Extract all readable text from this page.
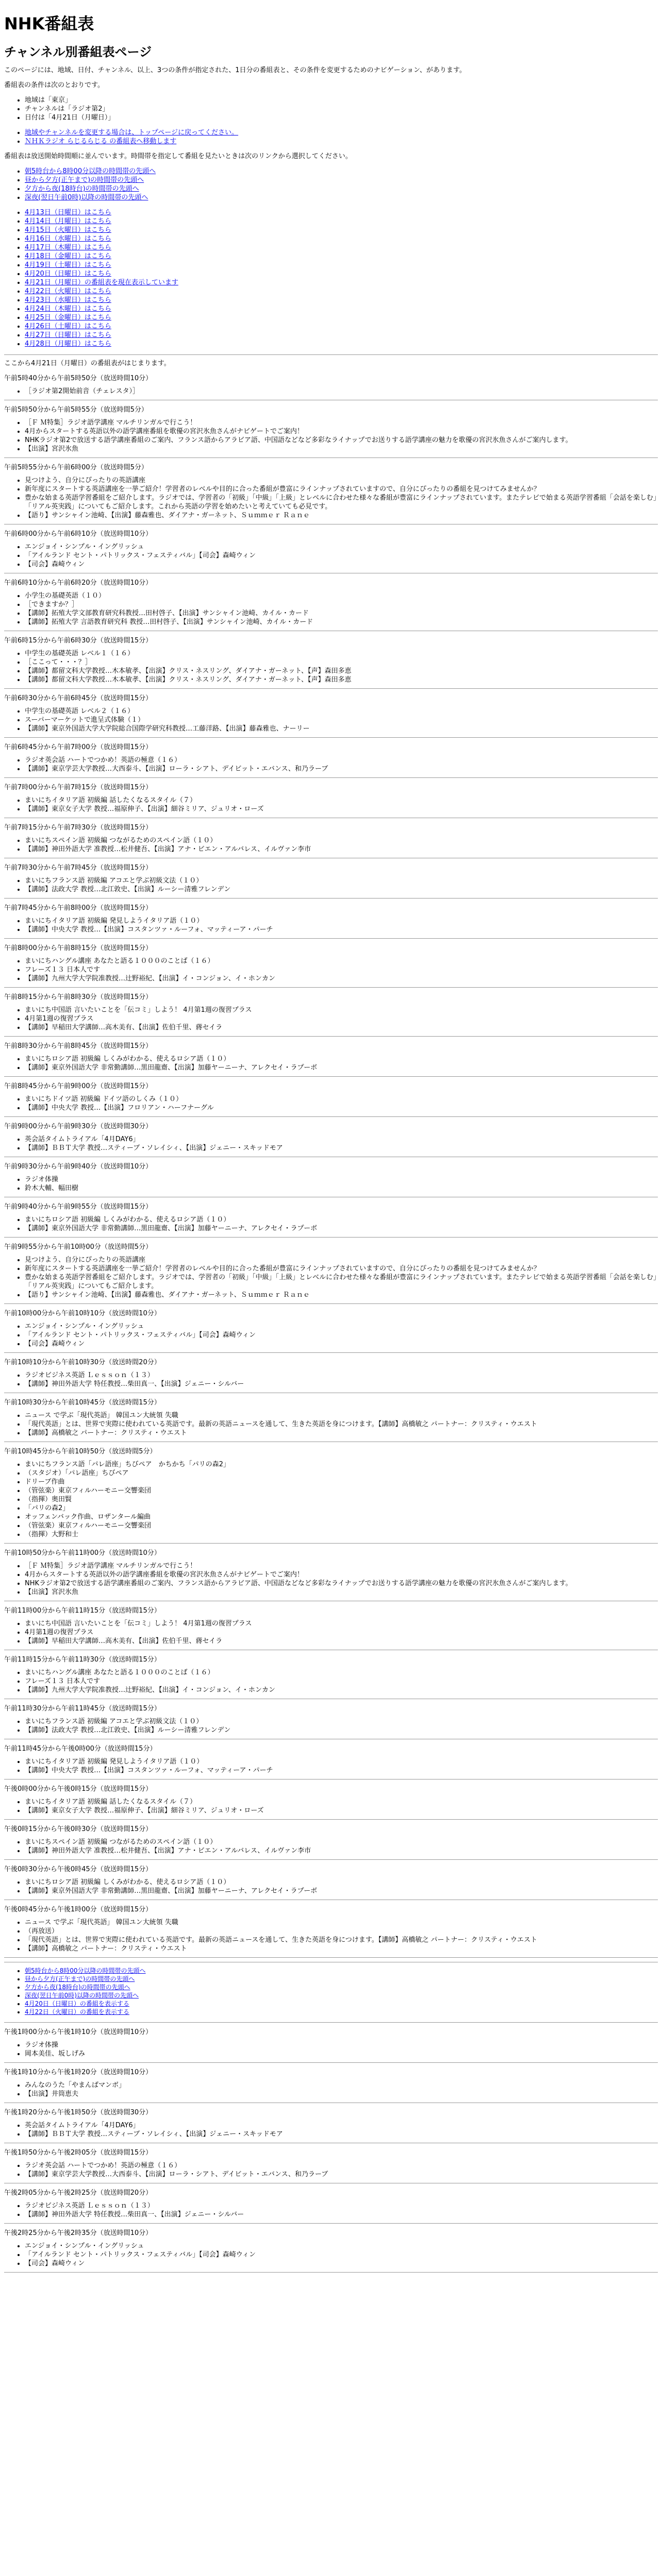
NHK番組表
チャンネル別番組表ページ

このページには、地域、日付、チャンネル、以上、3つの条件が指定された、1日分の番組表と、その条件を変更するためのナビゲーション、があります。

番組表の条件は次のとおりです。

• 地域は「東京」
• チャンネルは「ラジオ第2」
• 日付は「4月21日（月曜日）」
• 地域やチャンネルを変更する場合は、トップページに戻ってください。
• ＮＨＫラジオ らじるらじる の番組表へ移動します

番組表は放送開始時間順に並んでいます。時間帯を指定して番組を見たいときは次のリンクから選択してください。

• 朝5時台から8時00分以降の時間帯の先頭へ
• 昼から夕方(正午まで)の時間帯の先頭へ
• 夕方から夜(18時台)の時間帯の先頭へ
• 深夜(翌日午前0時)以降の時間帯の先頭へ
• 4月13日（日曜日）はこちら
• 4月14日（月曜日）はこちら
• 4月15日（火曜日）はこちら
• 4月16日（水曜日）はこちら
• 4月17日（木曜日）はこちら
• 4月18日（金曜日）はこちら
• 4月19日（土曜日）はこちら
• 4月20日（日曜日）はこちら
• 4月21日（月曜日）の番組表を現在表示しています
• 4月22日（火曜日）はこちら
• 4月23日（水曜日）はこちら
• 4月24日（木曜日）はこちら
• 4月25日（金曜日）はこちら
• 4月26日（土曜日）はこちら
• 4月27日（日曜日）はこちら
• 4月28日（月曜日）はこちら

ここから4月21日（月曜日）の番組表がはじまります。

午前5時40分から午前5時50分（放送時間10分）
• ［ラジオ第2開始前音（チェレスタ）］
午前5時50分から午前5時55分（放送時間5分）
• ［Ｆ Ｍ特集］ラジオ語学講座 マルチリンガルで行こう！
• 4月からスタートする英語以外の語学講座番組を歌優の宮沢氷魚さんがナビゲートでご案内！
• NHKラジオ第2で放送する語学講座番組のご案内、フランス語からアラビア語、中国語などなど多彩なライナップでお送りする語学講座の魅力を歌優の宮沢氷魚さんがご案内します。
• 【出演】宮沢氷魚
午前5時55分から午前6時00分（放送時間5分）
• 見つけよう、自分にぴったりの英語講座
• 新年度にスタートする英語講座を一挙ご紹介！学習者のレベルや目的に合った番組が豊富にラインナップされていますので、自分にぴったりの番組を見つけてみませんか？
• 豊かな始まる英語学習番組をご紹介します。ラジオでは、学習者の「初級」「中級」「上級」とレベルに合わせた様々な番組が豊富にラインナップされています。またテレビで始まる英語学習番組「会話を楽しむ」「リアル英実践」についてもご紹介します。これから英語の学習を始めたいと考えていても必見です。
• 【語り】サンシャイン池崎、【出演】藤森雅也、ダイアナ・ガーネット、Ｓｕｍｍｅｒ Ｒａｎｅ
午前6時00分から午前6時10分（放送時間10分）
• エンジョイ・シンプル・イングリッシュ
• 「アイルランド セント・パトリックス・フェスティバル」【司会】森崎ウィン
• 【司会】森崎ウィン
午前6時10分から午前6時20分（放送時間10分）
• 小学生の基礎英語（１０）
• ［できますか？］
• 【講師】拓殖大学文部教育研究科教授…田村啓子、【出演】サンシャイン池崎、カイル・カード
• 【講師】拓殖大学 言語教育研究科 教授…田村啓子、【出演】サンシャイン池崎、カイル・カード
午前6時15分から午前6時30分（放送時間15分）
• 中学生の基礎英語 レベル１（１６）
• ［ここって・・・？］
• 【講師】都留文科大学教授…木本敏孝、【出演】クリス・ネスリング、ダイアナ・ガーネット、【声】森田多恵
• 【講師】都留文科大学教授…木本敏孝、【出演】クリス・ネスリング、ダイアナ・ガーネット、【声】森田多恵
午前6時30分から午前6時45分（放送時間15分）
• 中学生の基礎英語 レベル２（１６）
• スーパーマーケットで進呈式体験（１）
• 【講師】東京外国語大学大学院総合国際学研究科教授…工藤洋路、【出演】藤森雅也、ナーリー
午前6時45分から午前7時00分（放送時間15分）
• ラジオ英会話 ハートでつかめ！英語の極意（１６）
• 【講師】東京学芸大学教授…大西泰斗、【出演】ローラ・シアト、デイビット・エバンス、和乃ラーブ
午前7時00分から午前7時15分（放送時間15分）
• まいにちイタリア語 初級編 話したくなるスタイル（７）
• 【講師】東京女子大学 教授…福原伸子、【出演】細谷ミリア、ジュリオ・ローズ
午前7時15分から午前7時30分（放送時間15分）
• まいにちスペイン語 初級編 つながるためのスペイン語（１０）
• 【講師】神田外語大学 准教授…松井健吾、【出演】アナ・ビエン・アルバレス、イルヴァン李市
午前7時30分から午前7時45分（放送時間15分）
• まいにちフランス語 初級編 アコエと学ぶ初級文法（１０）
• 【講師】法政大学 教授…北江敦史、【出演】ルーシー清雅フレンデン
午前7時45分から午前8時00分（放送時間15分）
• まいにちイタリア語 初級編 発見しようイタリア語（１０）
• 【講師】中央大学 教授…【出演】コスタンツァ・ルーフォ、マッティーア・パーチ
午前8時00分から午前8時15分（放送時間15分）
• まいにちハングル講座 あなたと語る１０００のことば（１６）
• フレーズ１３ 日本人です
• 【講師】九州大学大学院准教授…辻野裕紀、【出演】イ・コンジョン、イ・ホンカン
午前8時15分から午前8時30分（放送時間15分）
• まいにち中国語 言いたいことを「伝コミ」しよう！ 4月第1週の復習プラス
• 4月第1週の復習プラス
• 【講師】早稲田大学講師…高木美有、【出演】佐伯千里、蔣セイラ
午前8時30分から午前8時45分（放送時間15分）
• まいにちロシア語 初級編 しくみがわかる、使えるロシア語（１０）
• 【講師】東京外国語大学 非常勤講師…黒田龍齋、【出演】加藤ヤーニーナ、アレクセイ・ラプーボ
午前8時45分から午前9時00分（放送時間15分）
• まいにちドイツ語 初級編 ドイツ語のしくみ（１０）
• 【講師】中央大学 教授…【出演】フロリアン・ハーフナーグル
午前9時00分から午前9時30分（放送時間30分）
• 英会話タイムトライアル「4月DAY6」
• 【講師】ＢＢＴ大学 教授…スティーブ・ソレイシィ、【出演】ジェニー・スキッドモア
午前9時30分から午前9時40分（放送時間10分）
• ラジオ体操
• 鈴木大輔、幅田樹
午前9時40分から午前9時55分（放送時間15分）
• まいにちロシア語 初級編 しくみがわかる、使えるロシア語（１０）
• 【講師】東京外国語大学 非常勤講師…黒田龍齋、【出演】加藤ヤーニーナ、アレクセイ・ラプーボ
午前9時55分から午前10時00分（放送時間5分）
• 見つけよう、自分にぴったりの英語講座
• 新年度にスタートする英語講座を一挙ご紹介！学習者のレベルや目的に合った番組が豊富にラインナップされていますので、自分にぴったりの番組を見つけてみませんか？
• 豊かな始まる英語学習番組をご紹介します。ラジオでは、学習者の「初級」「中級」「上級」とレベルに合わせた様々な番組が豊富にラインナップされています。またテレビで始まる英語学習番組「会話を楽しむ」「リアル英実践」についてもご紹介します。
• 【語り】サンシャイン池崎、【出演】藤森雅也、ダイアナ・ガーネット、Ｓｕｍｍｅｒ Ｒａｎｅ
午前10時00分から午前10時10分（放送時間10分）
• エンジョイ・シンプル・イングリッシュ
• 「アイルランド セント・パトリックス・フェスティバル」【司会】森崎ウィン
• 【司会】森崎ウィン
午前10時10分から午前10時30分（放送時間20分）
• ラジオビジネス英語 Ｌｅｓｓｏｎ（１３）
• 【講師】神田外語大学 特任教授…柴田真一、【出演】ジェニー・シルバー
午前10時30分から午前10時45分（放送時間15分）
• ニュース で学ぶ「現代英語」 韓国ユン大統領 失職
• 「現代英語」とは、世界で実際に使われている英語です。最新の英語ニュースを通して、生きた英語を身につけます。【講師】高橋敏之 パートナー：クリスティ・ウエスト
• 【講師】高橋敏之 パートナー：クリスティ・ウエスト
午前10時45分から午前10時50分（放送時間5分）
• まいにちフランス語「パレ語座」ちびペア　かちかち「パリの森2」
• （スタジオ）「パレ語座」ちびペア
• ドリーブ作曲
• （管弦楽）東京フィルハーモニー交響楽団
• （指揮）奥田賢
• 「パリの森2」
• オッフェンバック作曲、ロザンタール編曲
• （管弦楽）東京フィルハーモニー交響楽団
• （指揮）大野和士
午前10時50分から午前11時00分（放送時間10分）
• ［Ｆ Ｍ特集］ラジオ語学講座 マルチリンガルで行こう！
• 4月からスタートする英語以外の語学講座番組を歌優の宮沢氷魚さんがナビゲートでご案内！
• NHKラジオ第2で放送する語学講座番組のご案内、フランス語からアラビア語、中国語などなど多彩なライナップでお送りする語学講座の魅力を歌優の宮沢氷魚さんがご案内します。
• 【出演】宮沢氷魚
午前11時00分から午前11時15分（放送時間15分）
• まいにち中国語 言いたいことを「伝コミ」しよう！ 4月第1週の復習プラス
• 4月第1週の復習プラス
• 【講師】早稲田大学講師…高木美有、【出演】佐伯千里、蔣セイラ
午前11時15分から午前11時30分（放送時間15分）
• まいにちハングル講座 あなたと語る１０００のことば（１６）
• フレーズ１３ 日本人です
• 【講師】九州大学大学院准教授…辻野裕紀、【出演】イ・コンジョン、イ・ホンカン
午前11時30分から午前11時45分（放送時間15分）
• まいにちフランス語 初級編 アコエと学ぶ初級文法（１０）
• 【講師】法政大学 教授…北江敦史、【出演】ルーシー清雅フレンデン
午前11時45分から午後0時00分（放送時間15分）
• まいにちイタリア語 初級編 発見しようイタリア語（１０）
• 【講師】中央大学 教授…【出演】コスタンツァ・ルーフォ、マッティーア・パーチ
午後0時00分から午後0時15分（放送時間15分）
• まいにちイタリア語 初級編 話したくなるスタイル（７）
• 【講師】東京女子大学 教授…福原伸子、【出演】細谷ミリア、ジュリオ・ローズ
午後0時15分から午後0時30分（放送時間15分）
• まいにちスペイン語 初級編 つながるためのスペイン語（１０）
• 【講師】神田外語大学 准教授…松井健吾、【出演】アナ・ビエン・アルバレス、イルヴァン李市
午後0時30分から午後0時45分（放送時間15分）
• まいにちロシア語 初級編 しくみがわかる、使えるロシア語（１０）
• 【講師】東京外国語大学 非常勤講師…黒田龍齋、【出演】加藤ヤーニーナ、アレクセイ・ラプーボ
午後0時45分から午後1時00分（放送時間15分）
• ニュース で学ぶ「現代英語」 韓国ユン大統領 失職
• （再放送）
• 「現代英語」とは、世界で実際に使われている英語です。最新の英語ニュースを通して、生きた英語を身につけます。【講師】高橋敏之 パートナー：クリスティ・ウエスト
• 【講師】高橋敏之 パートナー：クリスティ・ウエスト
• 朝5時台から8時00分以降の時間帯の先頭へ
• 昼から夕方(正午まで)の時間帯の先頭へ
• 夕方から夜(18時台)の時間帯の先頭へ
• 深夜(翌日午前0時)以降の時間帯の先頭へ
• 4月20日（日曜日）の番組を表示する
• 4月22日（火曜日）の番組を表示する
午後1時00分から午後1時10分（放送時間10分）
• ラジオ体操
• 岡本美佳、坂しげみ
午後1時10分から午後1時20分（放送時間10分）
• みんなのうた「やまんばマンボ」
• 【出演】井筒恵夫
午後1時20分から午後1時50分（放送時間30分）
• 英会話タイムトライアル「4月DAY6」
• 【講師】ＢＢＴ大学 教授…スティーブ・ソレイシィ、【出演】ジェニー・スキッドモア
午後1時50分から午後2時05分（放送時間15分）
• ラジオ英会話 ハートでつかめ！英語の極意（１６）
• 【講師】東京学芸大学教授…大西泰斗、【出演】ローラ・シアト、デイビット・エバンス、和乃ラーブ
午後2時05分から午後2時25分（放送時間20分）
• ラジオビジネス英語 Ｌｅｓｓｏｎ（１３）
• 【講師】神田外語大学 特任教授…柴田真一、【出演】ジェニー・シルバー
午後2時25分から午後2時35分（放送時間10分）
• エンジョイ・シンプル・イングリッシュ
• 「アイルランド セント・パトリックス・フェスティバル」【司会】森崎ウィン
• 【司会】森崎ウィン
